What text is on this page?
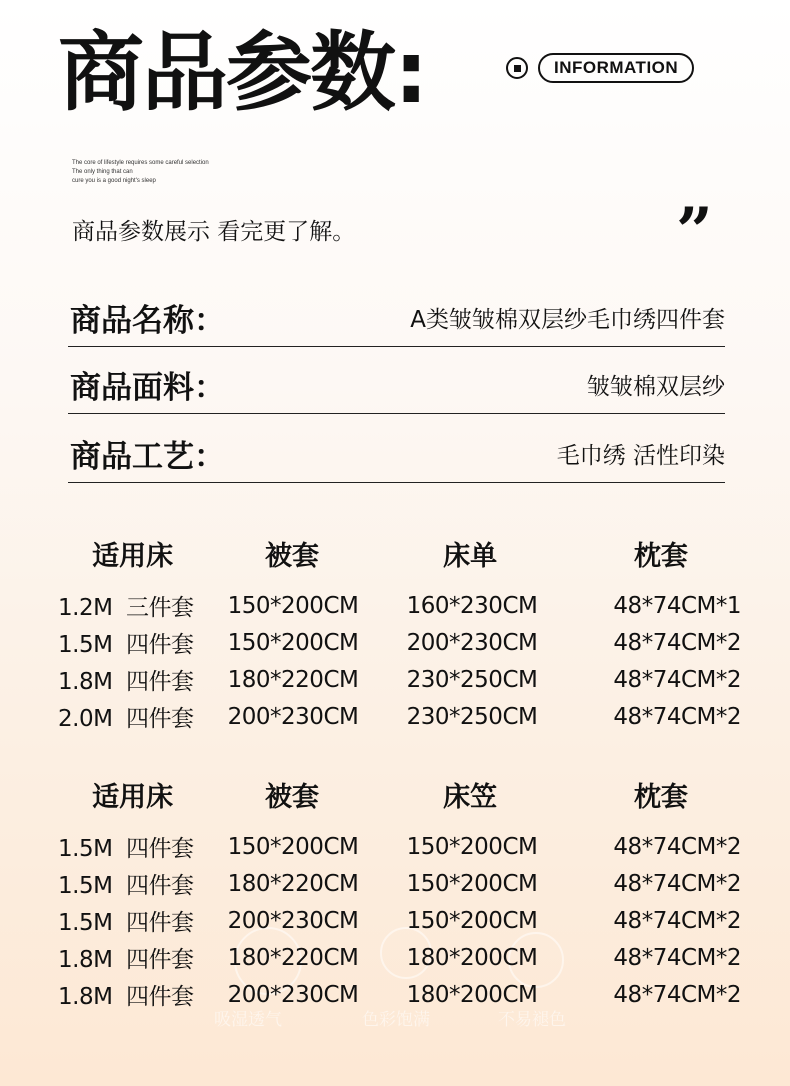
商品参数:	INFORMATION
The core of lifestyle requires some careful selection
The only thing that can
cure you is a good night's sleep
商品参数展示 看完更了解。	”
商品名称：	A类皱皱棉双层纱毛巾绣四件套
商品面料：	皱皱棉双层纱
商品工艺：	毛巾绣 活性印染
适用床	被套	床单	枕套
1.2M  三件套	150*200CM	160*230CM	48*74CM*1
1.5M  四件套	150*200CM	200*230CM	48*74CM*2
1.8M  四件套	180*220CM	230*250CM	48*74CM*2
2.0M  四件套	200*230CM	230*250CM	48*74CM*2
吸湿透气	色彩饱满	不易褪色
适用床	被套	床笠	枕套
1.5M  四件套	150*200CM	150*200CM	48*74CM*2
1.5M  四件套	180*220CM	150*200CM	48*74CM*2
1.5M  四件套	200*230CM	150*200CM	48*74CM*2
1.8M  四件套	180*220CM	180*200CM	48*74CM*2
1.8M  四件套	200*230CM	180*200CM	48*74CM*2
